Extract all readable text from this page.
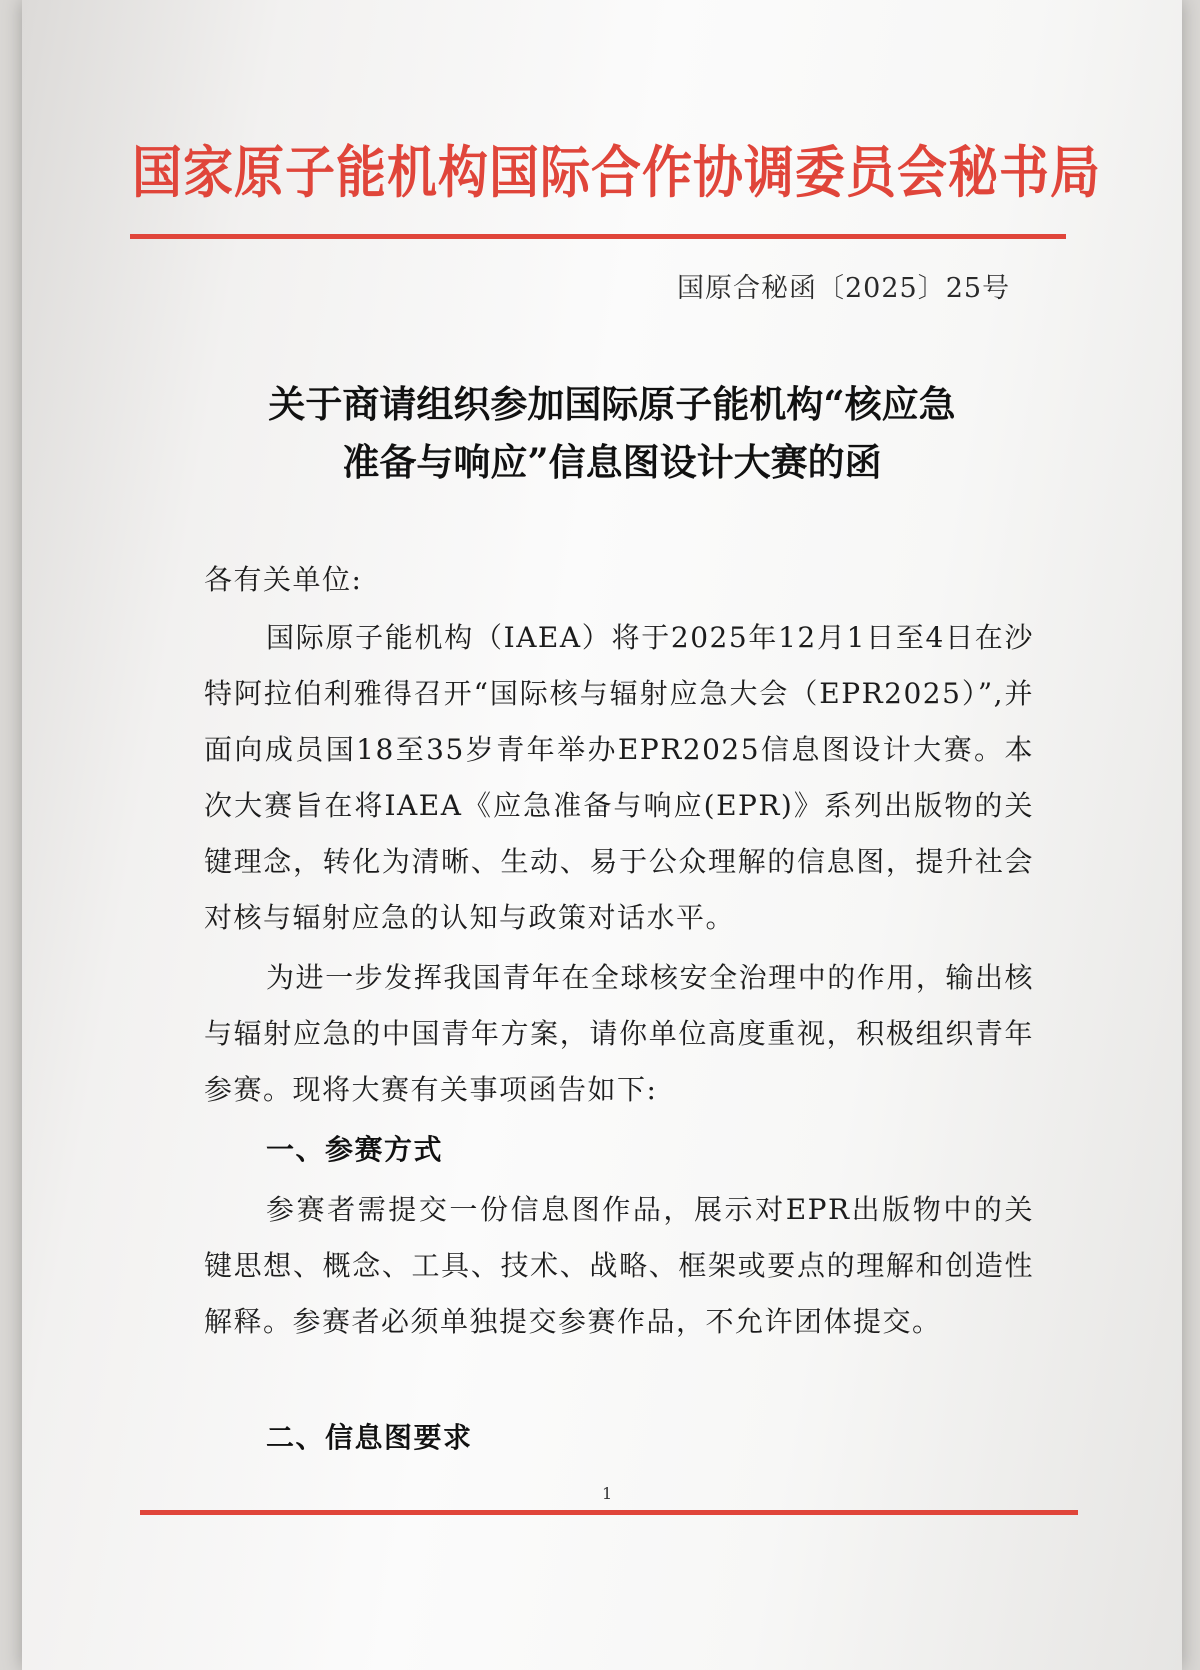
国家原子能机构国际合作协调委员会秘书局
国原合秘函〔2025〕25号
关于商请组织参加国际原子能机构“核应急
准备与响应”信息图设计大赛的函
各有关单位:
国际原子能机构（IAEA）将于2025年12月1日至4日在沙特阿拉伯利雅得召开“国际核与辐射应急大会（EPR2025）”,并面向成员国18至35岁青年举办EPR2025信息图设计大赛。本次大赛旨在将IAEA《应急准备与响应(EPR)》系列出版物的关键理念，转化为清晰、生动、易于公众理解的信息图，提升社会对核与辐射应急的认知与政策对话水平。
为进一步发挥我国青年在全球核安全治理中的作用，输出核与辐射应急的中国青年方案，请你单位高度重视，积极组织青年参赛。现将大赛有关事项函告如下:
一、参赛方式
参赛者需提交一份信息图作品，展示对EPR出版物中的关键思想、概念、工具、技术、战略、框架或要点的理解和创造性解释。参赛者必须单独提交参赛作品，不允许团体提交。
二、信息图要求
1
